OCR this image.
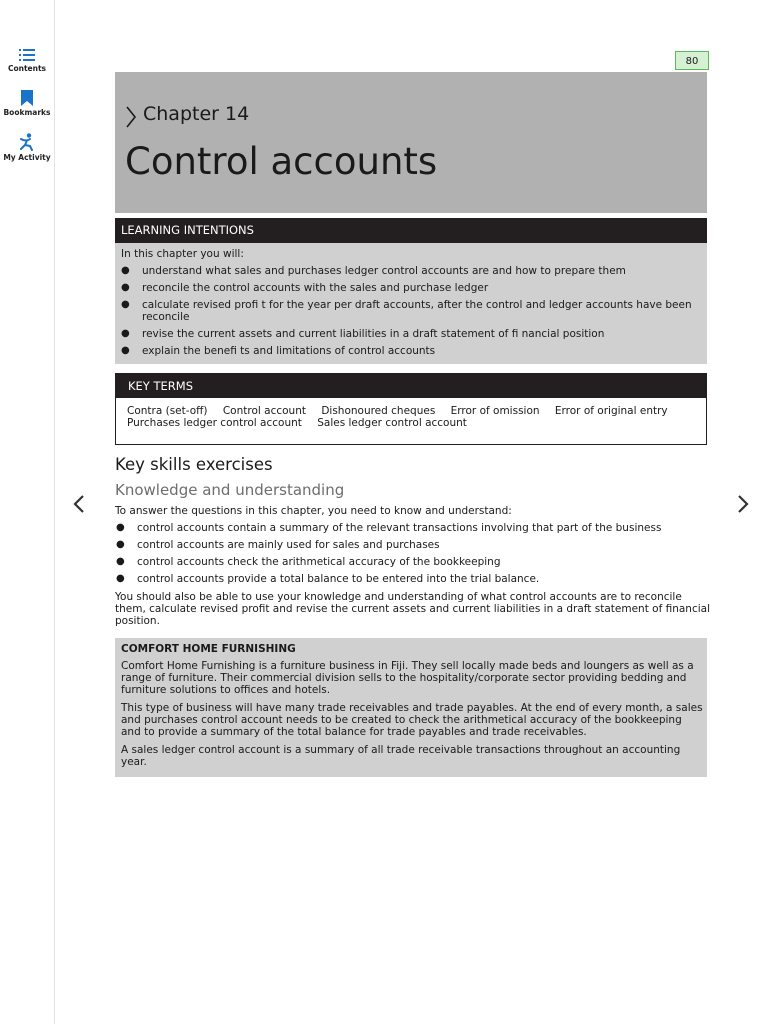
Contents
Bookmarks
My Activity
80
Chapter 14
Control accounts
LEARNING INTENTIONS
In this chapter you will:
● understand what sales and purchases ledger control accounts are and how to prepare them
● reconcile the control accounts with the sales and purchase ledger
● calculate revised profi t for the year per draft accounts, after the control and ledger accounts have been reconcile
● revise the current assets and current liabilities in a draft statement of fi nancial position
● explain the benefi ts and limitations of control accounts
KEY TERMS
Contra (set-off) Control account Dishonoured cheques Error of omission Error of original entry
Purchases ledger control account Sales ledger control account
Key skills exercises
Knowledge and understanding
To answer the questions in this chapter, you need to know and understand:
● control accounts contain a summary of the relevant transactions involving that part of the business
● control accounts are mainly used for sales and purchases
● control accounts check the arithmetical accuracy of the bookkeeping
● control accounts provide a total balance to be entered into the trial balance.

You should also be able to use your knowledge and understanding of what control accounts are to reconcile them, calculate revised profit and revise the current assets and current liabilities in a draft statement of financial position.

COMFORT HOME FURNISHING

Comfort Home Furnishing is a furniture business in Fiji. They sell locally made beds and loungers as well as a range of furniture. Their commercial division sells to the hospitality/corporate sector providing bedding and furniture solutions to offices and hotels.

This type of business will have many trade receivables and trade payables. At the end of every month, a sales and purchases control account needs to be created to check the arithmetical accuracy of the bookkeeping and to provide a summary of the total balance for trade payables and trade receivables.

A sales ledger control account is a summary of all trade receivable transactions throughout an accounting year.
